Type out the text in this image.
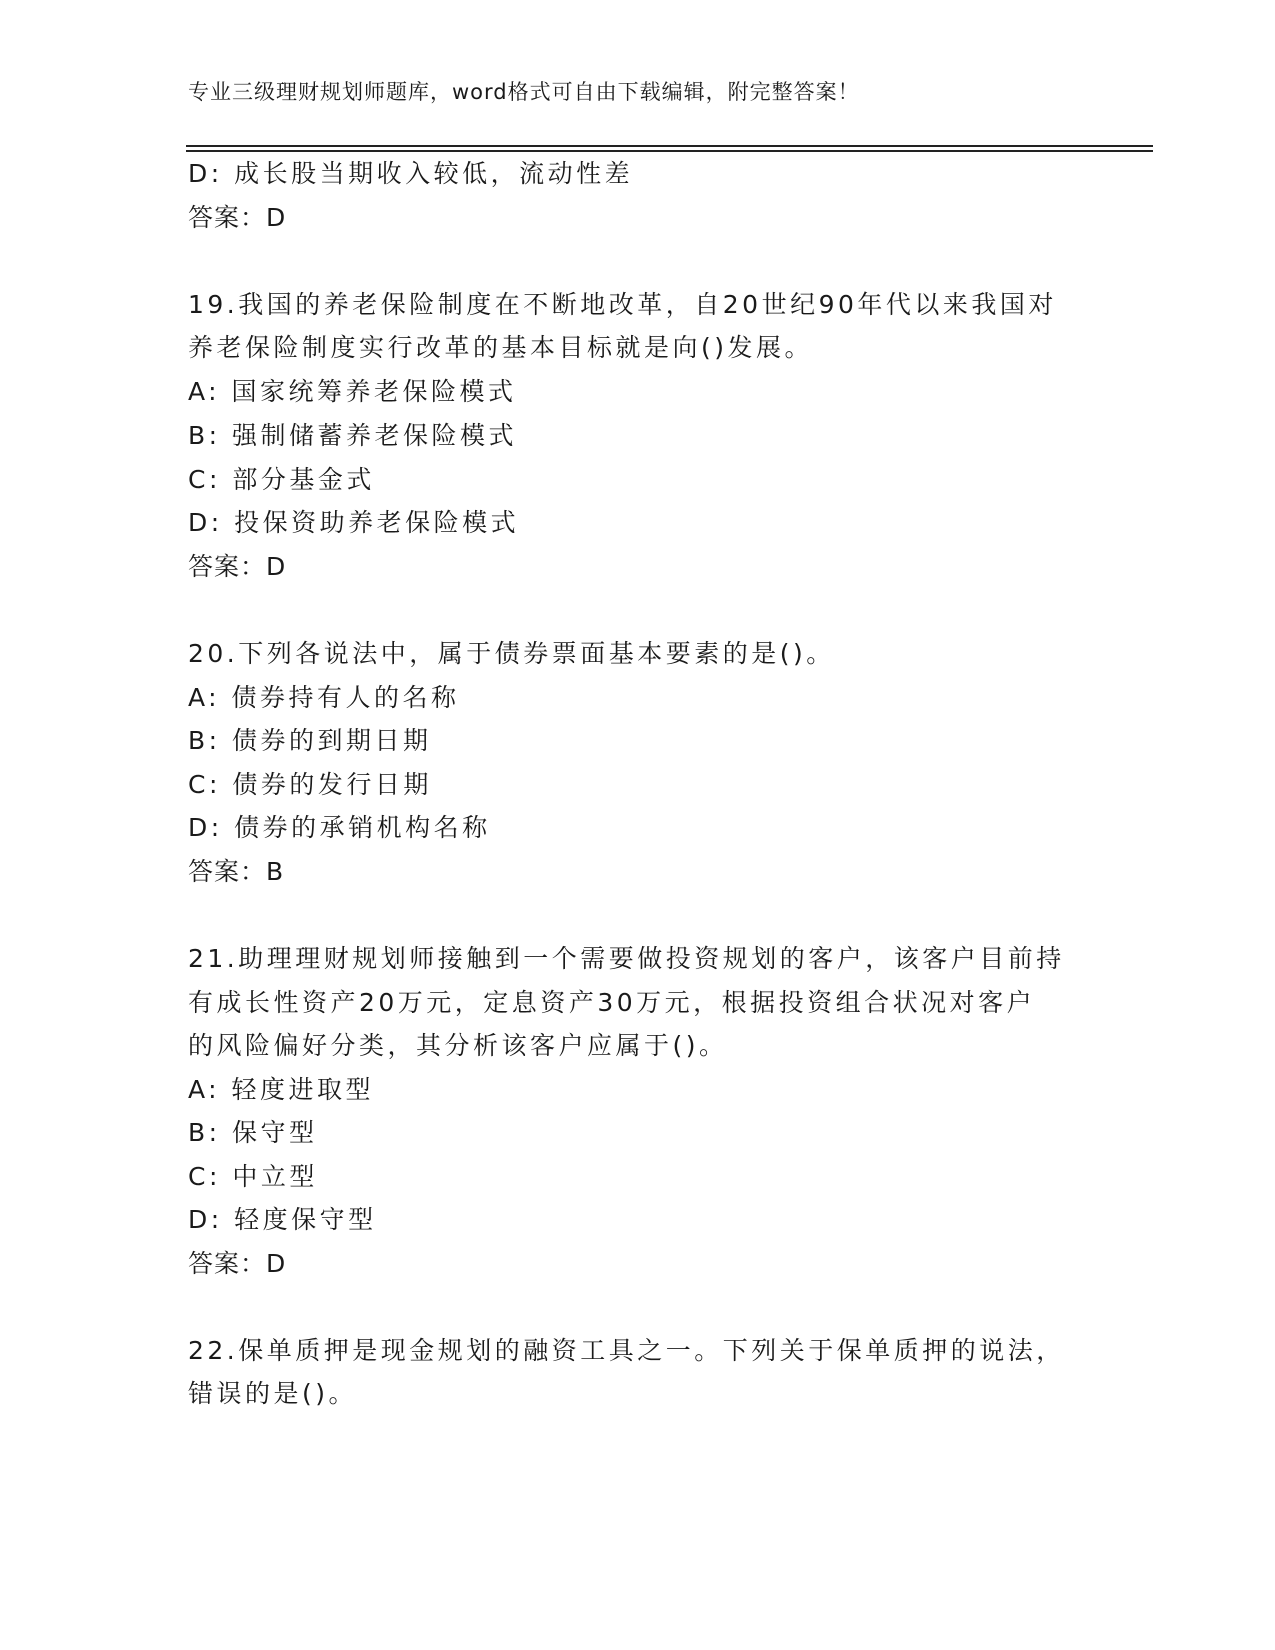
专业三级理财规划师题库，word格式可自由下载编辑，附完整答案！
D: 成长股当期收入较低，流动性差
答案：D
19.我国的养老保险制度在不断地改革，自20世纪90年代以来我国对
养老保险制度实行改革的基本目标就是向()发展。
A: 国家统筹养老保险模式
B: 强制储蓄养老保险模式
C: 部分基金式
D: 投保资助养老保险模式
答案：D
20.下列各说法中，属于债券票面基本要素的是()。
A: 债券持有人的名称
B: 债券的到期日期
C: 债券的发行日期
D: 债券的承销机构名称
答案：B
21.助理理财规划师接触到一个需要做投资规划的客户，该客户目前持
有成长性资产20万元，定息资产30万元，根据投资组合状况对客户
的风险偏好分类，其分析该客户应属于()。
A: 轻度进取型
B: 保守型
C: 中立型
D: 轻度保守型
答案：D
22.保单质押是现金规划的融资工具之一。下列关于保单质押的说法，
错误的是()。
